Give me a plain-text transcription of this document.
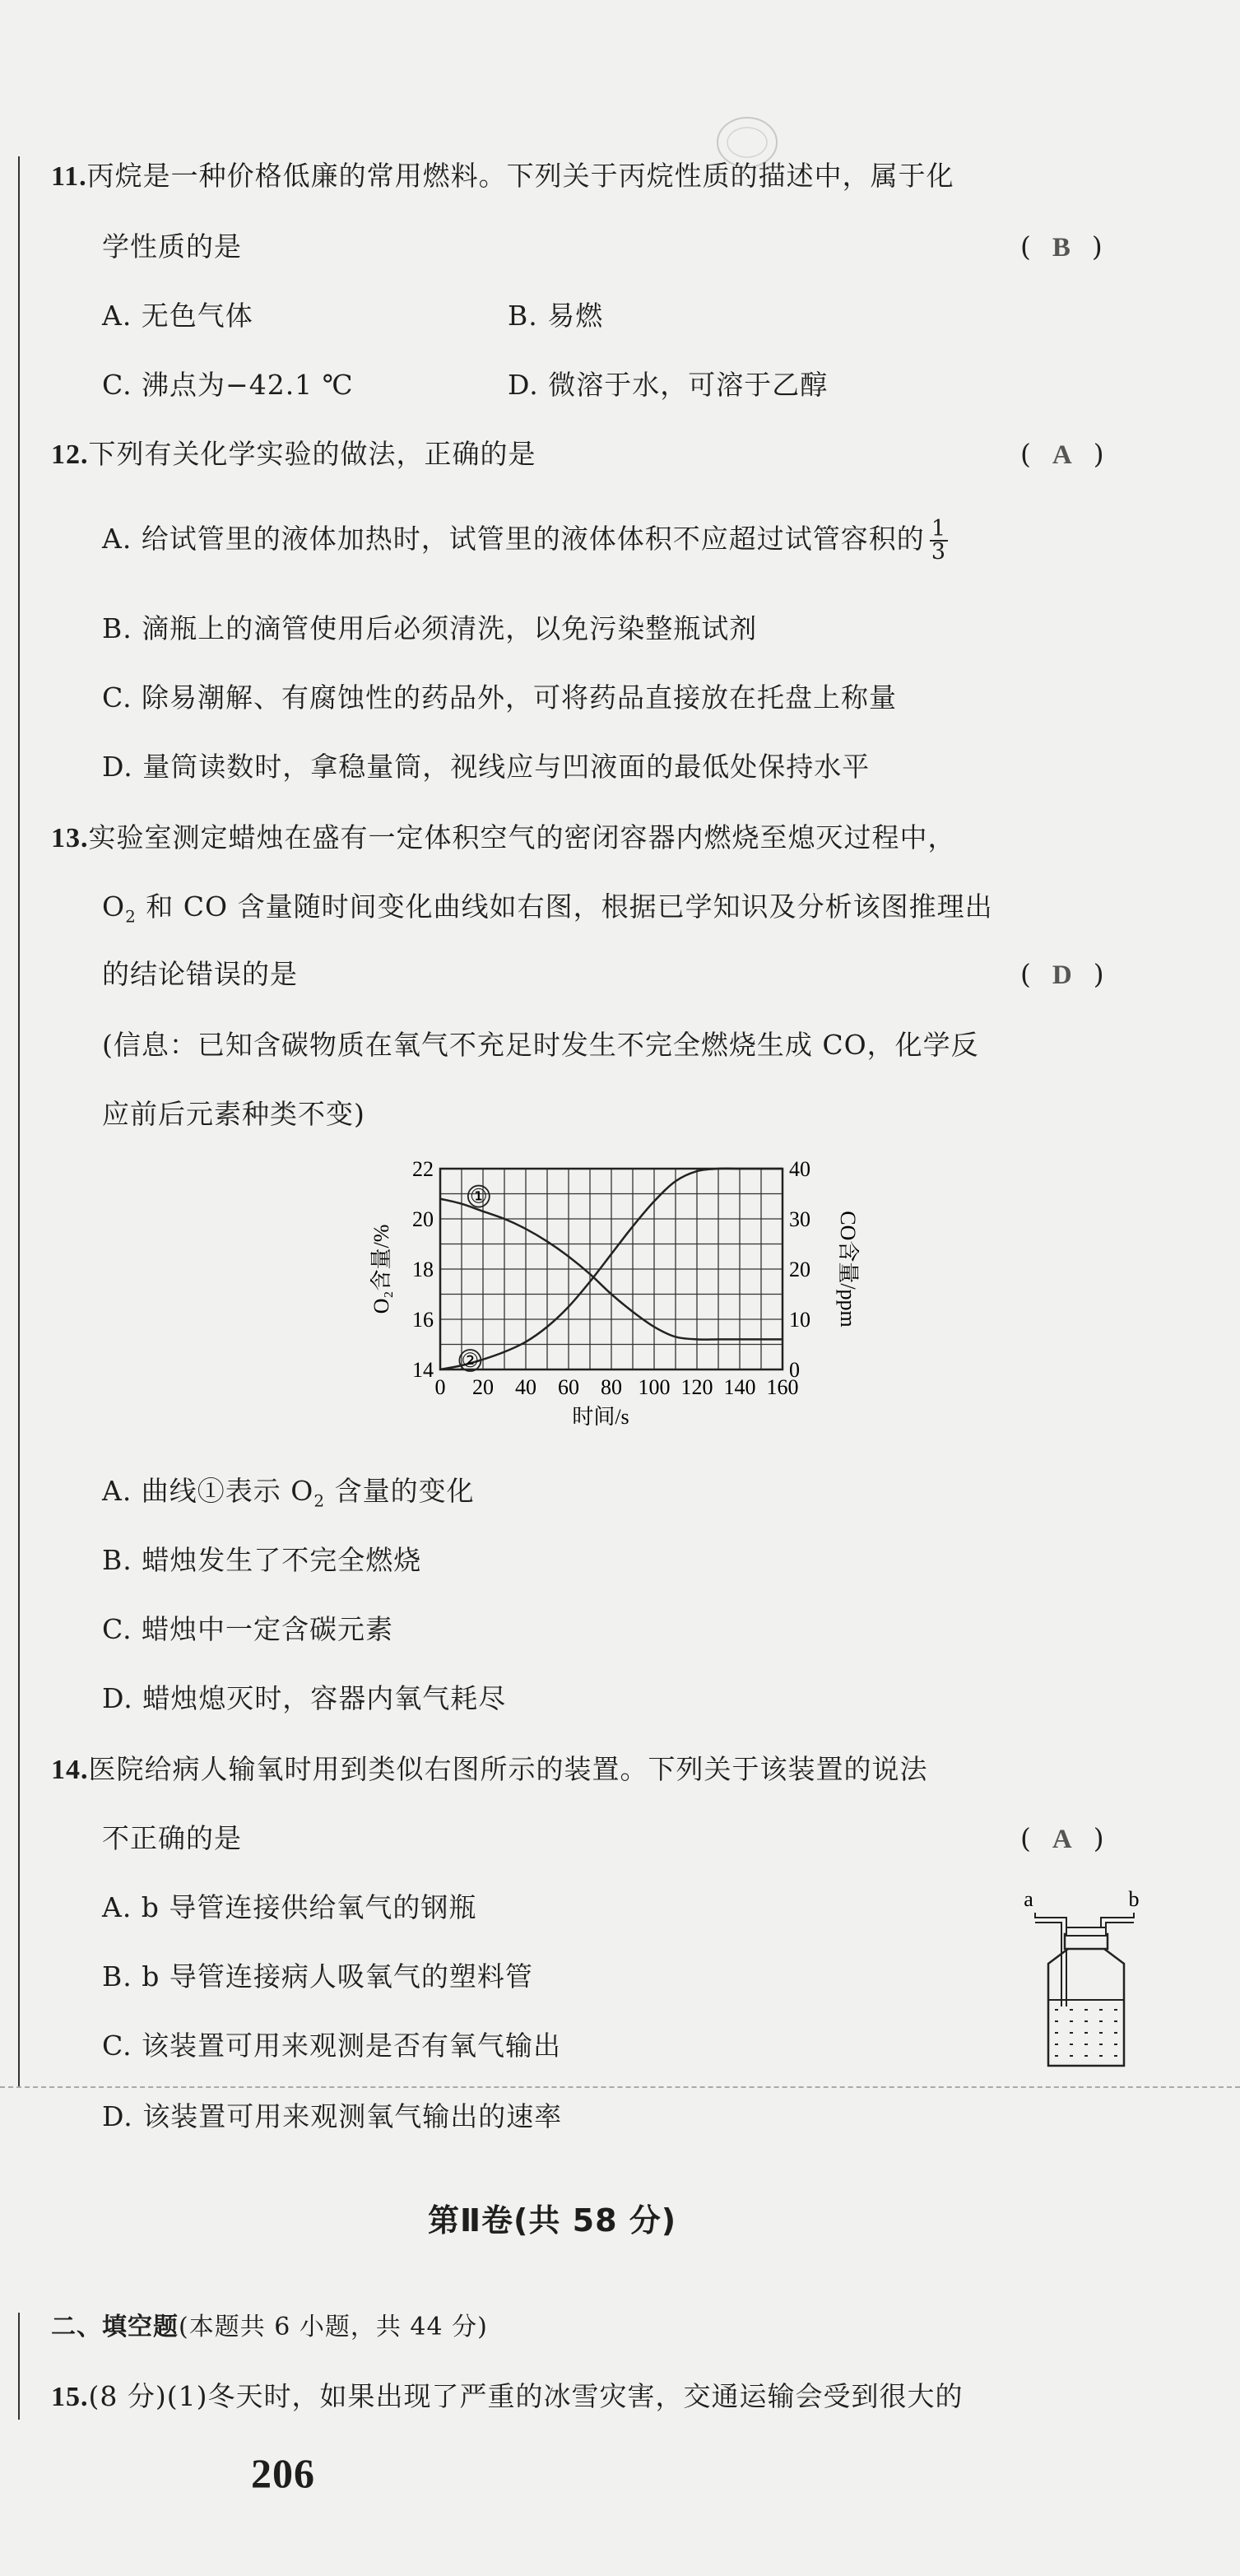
11.丙烷是一种价格低廉的常用燃料。下列关于丙烷性质的描述中，属于化
学性质的是	( B )
A. 无色气体	B. 易燃
C. 沸点为−42.1 ℃	D. 微溶于水，可溶于乙醇
12.下列有关化学实验的做法，正确的是	( A )
A. 给试管里的液体加热时，试管里的液体体积不应超过试管容积的 $\frac{1}{3}$
B. 滴瓶上的滴管使用后必须清洗，以免污染整瓶试剂
C. 除易潮解、有腐蚀性的药品外，可将药品直接放在托盘上称量
D. 量筒读数时，拿稳量筒，视线应与凹液面的最低处保持水平
13.实验室测定蜡烛在盛有一定体积空气的密闭容器内燃烧至熄灭过程中，
$O_2$ 和 CO 含量随时间变化曲线如右图，根据已学知识及分析该图推理出
的结论错误的是	( D )
(信息：已知含碳物质在氧气不充足时发生不完全燃烧生成 CO，化学反
应前后元素种类不变)
0 20 40 60 80 100 120 140 160
14
16
18
20
22
0
10
20
30
40
时间/s
O₂含量/%	CO含量/ppm
①
②
A. 曲线①表示 $O_2$ 含量的变化
B. 蜡烛发生了不完全燃烧
C. 蜡烛中一定含碳元素
D. 蜡烛熄灭时，容器内氧气耗尽
14.医院给病人输氧时用到类似右图所示的装置。下列关于该装置的说法
不正确的是	( A )
A. b 导管连接供给氧气的钢瓶
B. b 导管连接病人吸氧气的塑料管
C. 该装置可用来观测是否有氧气输出
D. 该装置可用来观测氧气输出的速率
a	b
第Ⅱ卷(共 58 分)
二、填空题(本题共 6 小题，共 44 分)
15.(8 分)(1)冬天时，如果出现了严重的冰雪灾害，交通运输会受到很大的
206
